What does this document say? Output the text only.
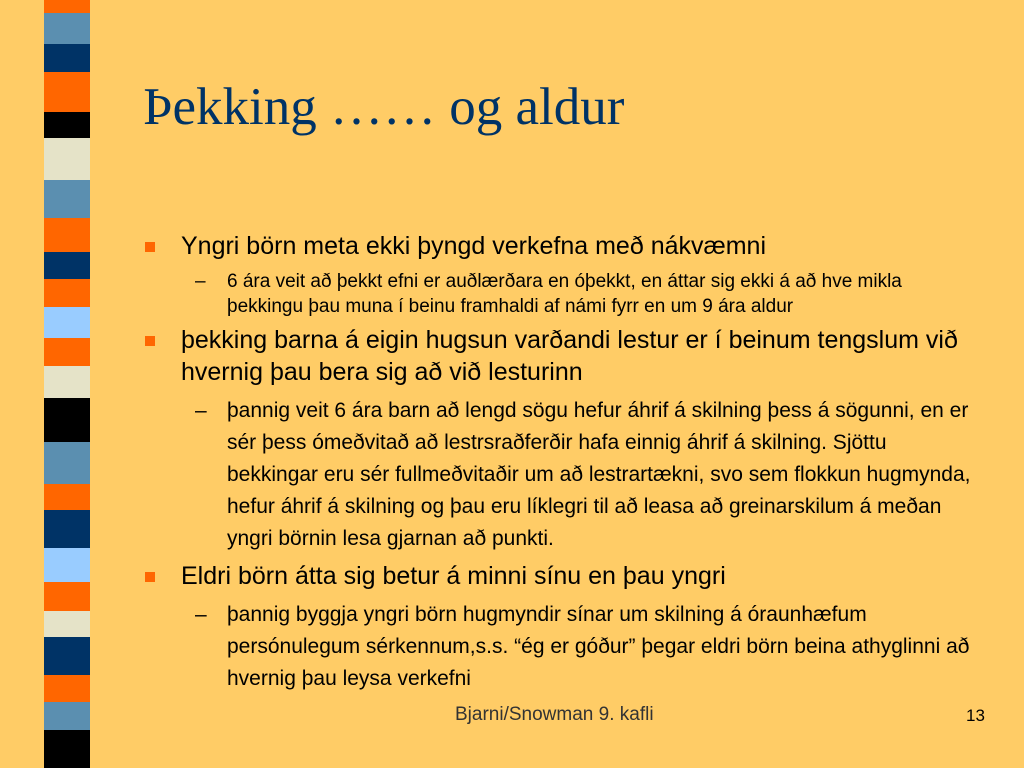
Þekking …… og aldur
Yngri börn meta ekki þyngd verkefna með nákvæmni
– 6 ára veit að þekkt efni er auðlærðara en óþekkt, en áttar sig ekki á að hve mikla þekkingu þau muna í beinu framhaldi af námi fyrr en um 9 ára aldur
þekking barna á eigin hugsun varðandi lestur er í beinum tengslum við hvernig þau bera sig að við lesturinn
– þannig veit 6 ára barn að lengd sögu hefur áhrif á skilning þess á sögunni, en er sér þess ómeðvitað að lestrsraðferðir hafa einnig áhrif á skilning. Sjöttu bekkingar eru sér fullmeðvitaðir um að lestrartækni, svo sem flokkun hugmynda, hefur áhrif á skilning og þau eru líklegri til að leasa að greinarskilum á meðan yngri börnin lesa gjarnan að punkti.
Eldri börn átta sig betur á minni sínu en þau yngri
– þannig byggja yngri börn hugmyndir sínar um skilning á óraunhæfum persónulegum sérkennum,s.s. “ég er góður” þegar eldri börn beina athyglinni að hvernig þau leysa verkefni
Bjarni/Snowman 9. kafli	13
